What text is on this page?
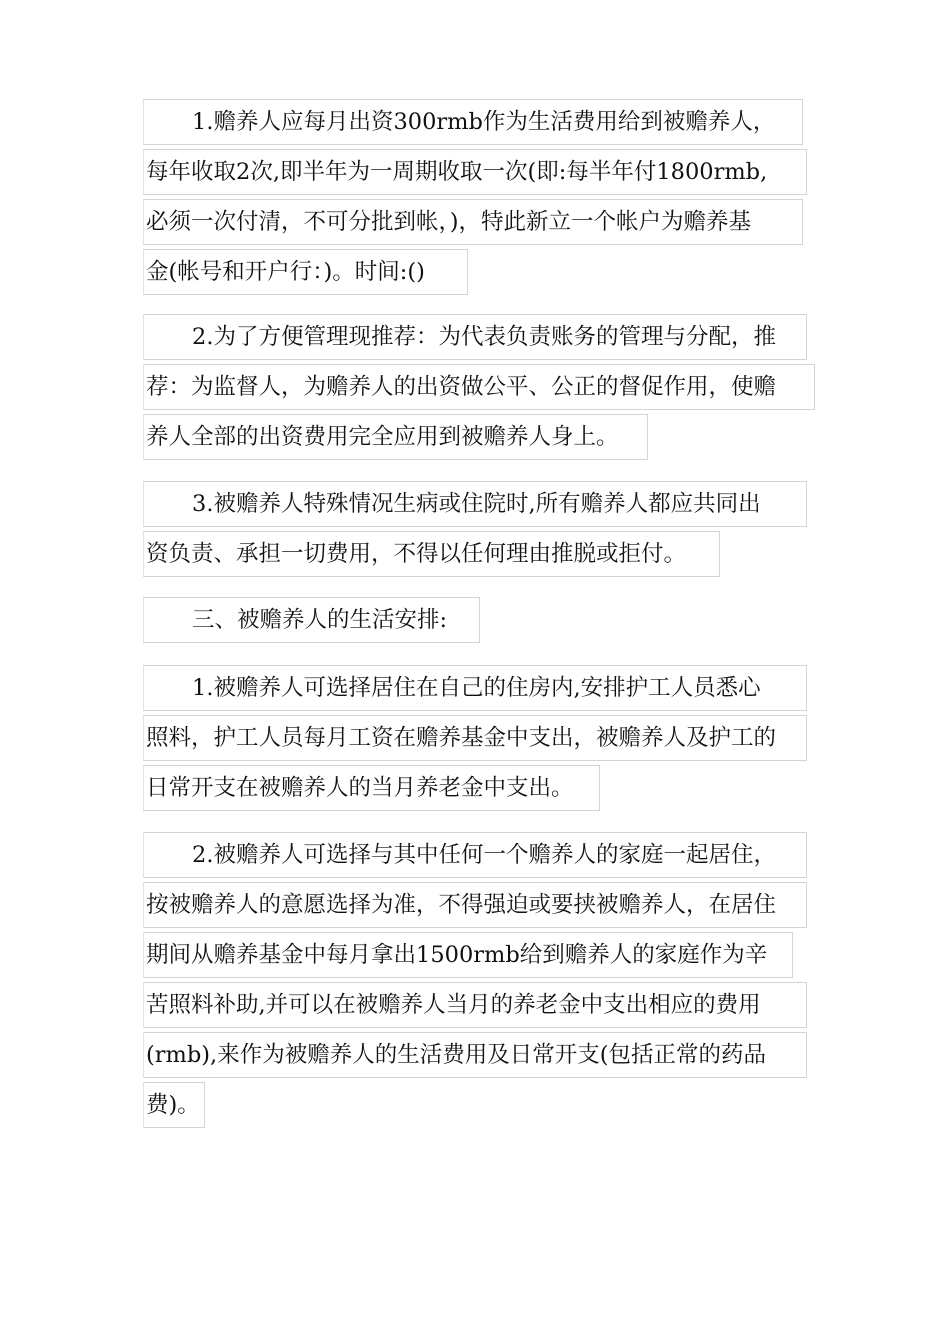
1.赡养人应每月出资300rmb作为生活费用给到被赡养人，
每年收取2次,即半年为一周期收取一次(即:每半年付1800rmb,
必须一次付清，不可分批到帐，)，特此新立一个帐户为赡养基
金(帐号和开户行：)。时间:()
2.为了方便管理现推荐：为代表负责账务的管理与分配，推
荐：为监督人，为赡养人的出资做公平、公正的督促作用，使赡
养人全部的出资费用完全应用到被赡养人身上。
3.被赡养人特殊情况生病或住院时,所有赡养人都应共同出
资负责、承担一切费用，不得以任何理由推脱或拒付。
三、被赡养人的生活安排:
1.被赡养人可选择居住在自己的住房内,安排护工人员悉心
照料，护工人员每月工资在赡养基金中支出，被赡养人及护工的
日常开支在被赡养人的当月养老金中支出。
2.被赡养人可选择与其中任何一个赡养人的家庭一起居住，
按被赡养人的意愿选择为准，不得强迫或要挟被赡养人，在居住
期间从赡养基金中每月拿出1500rmb给到赡养人的家庭作为辛
苦照料补助,并可以在被赡养人当月的养老金中支出相应的费用
(rmb),来作为被赡养人的生活费用及日常开支(包括正常的药品
费)。
